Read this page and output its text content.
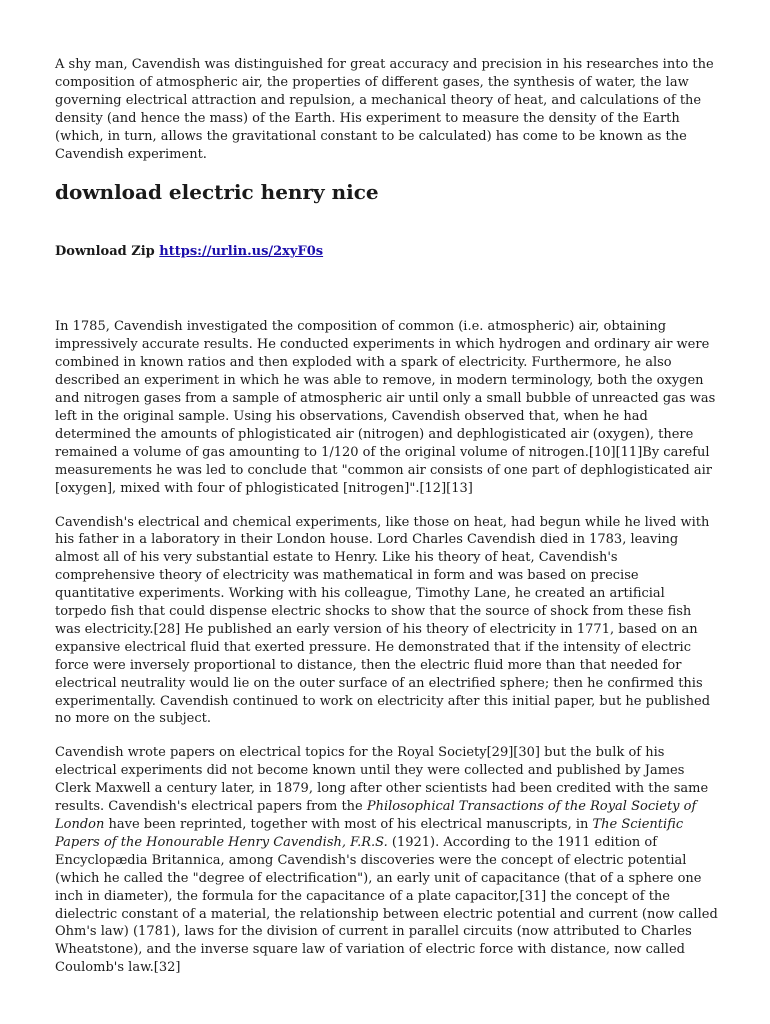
A shy man, Cavendish was distinguished for great accuracy and precision in his researches into the composition of atmospheric air, the properties of different gases, the synthesis of water, the law governing electrical attraction and repulsion, a mechanical theory of heat, and calculations of the density (and hence the mass) of the Earth. His experiment to measure the density of the Earth (which, in turn, allows the gravitational constant to be calculated) has come to be known as the Cavendish experiment.

download electric henry nice
Download Zip https://urlin.us/2xyF0s

In 1785, Cavendish investigated the composition of common (i.e. atmospheric) air, obtaining impressively accurate results. He conducted experiments in which hydrogen and ordinary air were combined in known ratios and then exploded with a spark of electricity. Furthermore, he also described an experiment in which he was able to remove, in modern terminology, both the oxygen and nitrogen gases from a sample of atmospheric air until only a small bubble of unreacted gas was left in the original sample. Using his observations, Cavendish observed that, when he had determined the amounts of phlogisticated air (nitrogen) and dephlogisticated air (oxygen), there remained a volume of gas amounting to 1/120 of the original volume of nitrogen.[10][11]By careful measurements he was led to conclude that "common air consists of one part of dephlogisticated air [oxygen], mixed with four of phlogisticated [nitrogen]".[12][13]

Cavendish's electrical and chemical experiments, like those on heat, had begun while he lived with his father in a laboratory in their London house. Lord Charles Cavendish died in 1783, leaving almost all of his very substantial estate to Henry. Like his theory of heat, Cavendish's comprehensive theory of electricity was mathematical in form and was based on precise quantitative experiments. Working with his colleague, Timothy Lane, he created an artificial torpedo fish that could dispense electric shocks to show that the source of shock from these fish was electricity.[28] He published an early version of his theory of electricity in 1771, based on an expansive electrical fluid that exerted pressure. He demonstrated that if the intensity of electric force were inversely proportional to distance, then the electric fluid more than that needed for electrical neutrality would lie on the outer surface of an electrified sphere; then he confirmed this experimentally. Cavendish continued to work on electricity after this initial paper, but he published no more on the subject.

Cavendish wrote papers on electrical topics for the Royal Society[29][30] but the bulk of his electrical experiments did not become known until they were collected and published by James Clerk Maxwell a century later, in 1879, long after other scientists had been credited with the same results. Cavendish's electrical papers from the Philosophical Transactions of the Royal Society of London have been reprinted, together with most of his electrical manuscripts, in The Scientific Papers of the Honourable Henry Cavendish, F.R.S. (1921). According to the 1911 edition of Encyclopædia Britannica, among Cavendish's discoveries were the concept of electric potential (which he called the "degree of electrification"), an early unit of capacitance (that of a sphere one inch in diameter), the formula for the capacitance of a plate capacitor,[31] the concept of the dielectric constant of a material, the relationship between electric potential and current (now called Ohm's law) (1781), laws for the division of current in parallel circuits (now attributed to Charles Wheatstone), and the inverse square law of variation of electric force with distance, now called Coulomb's law.[32]
